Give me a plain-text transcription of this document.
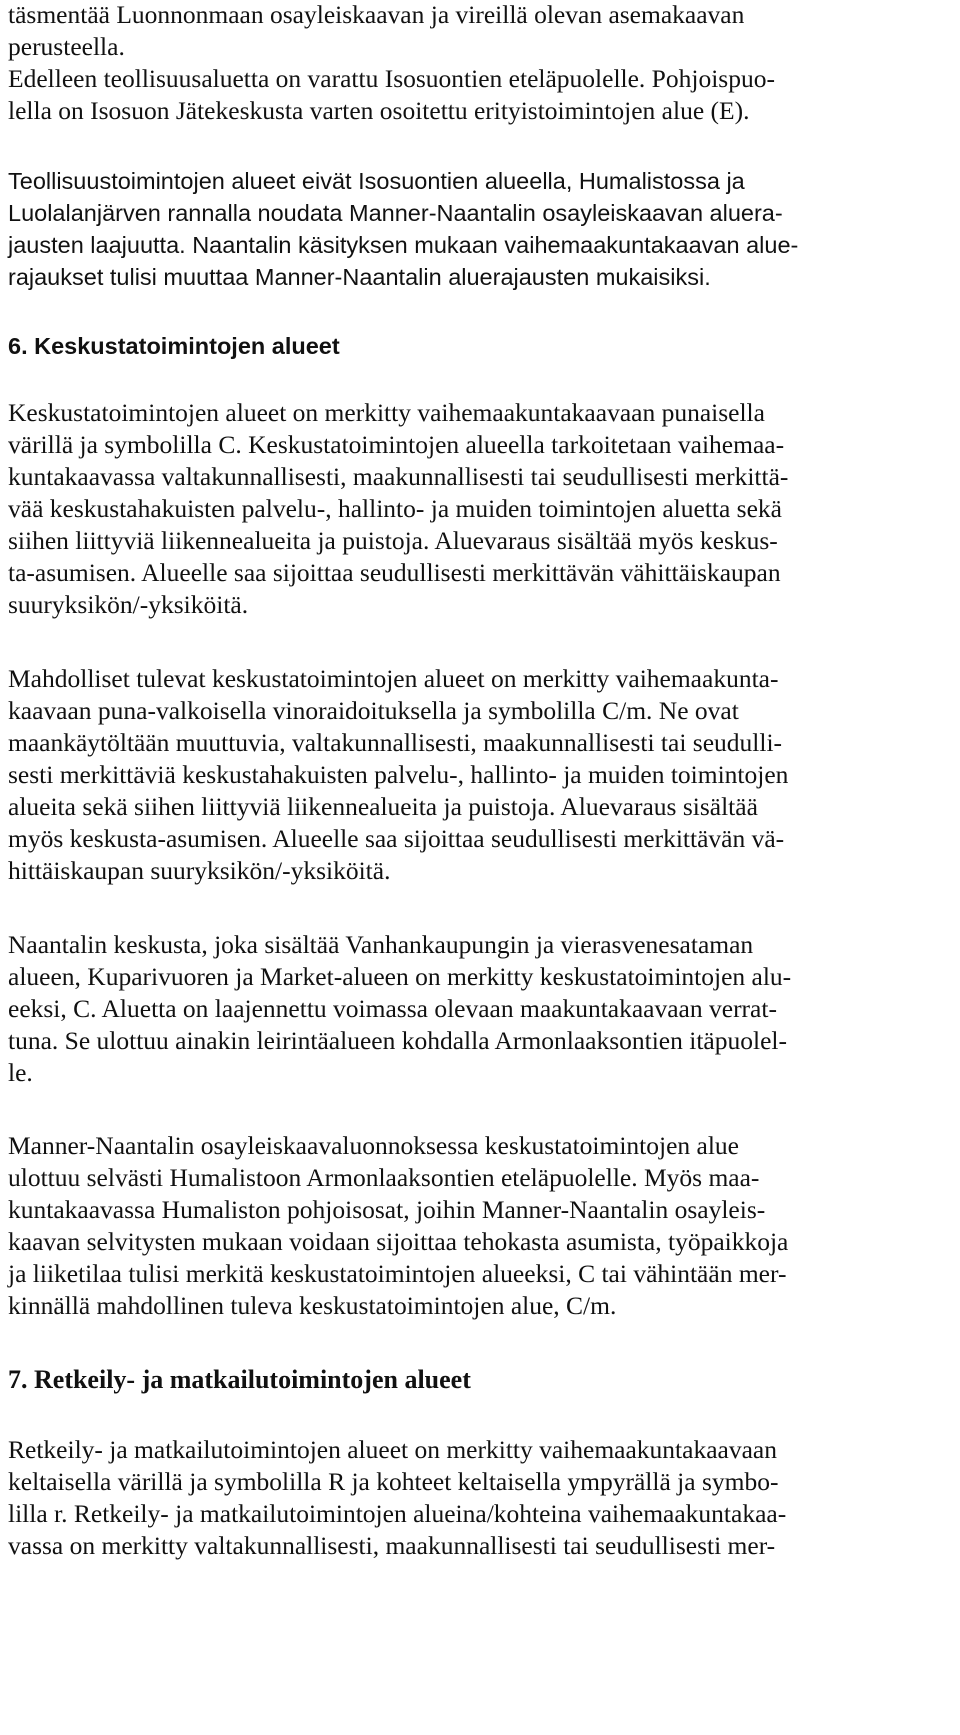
täsmentää Luonnonmaan osayleiskaavan ja vireillä olevan asemakaavan
perusteella.
Edelleen teollisuusaluetta on varattu Isosuontien eteläpuolelle. Pohjoispuo-
lella on Isosuon Jätekeskusta varten osoitettu erityistoimintojen alue (E).
Teollisuustoimintojen alueet eivät Isosuontien alueella, Humalistossa ja
Luolalanjärven rannalla noudata Manner-Naantalin osayleiskaavan aluera-
jausten laajuutta. Naantalin käsityksen mukaan vaihemaakuntakaavan alue-
rajaukset tulisi muuttaa Manner-Naantalin aluerajausten mukaisiksi.
6. Keskustatoimintojen alueet
Keskustatoimintojen alueet on merkitty vaihemaakuntakaavaan punaisella
värillä ja symbolilla C. Keskustatoimintojen alueella tarkoitetaan vaihemaa-
kuntakaavassa valtakunnallisesti, maakunnallisesti tai seudullisesti merkittä-
vää keskustahakuisten palvelu-, hallinto- ja muiden toimintojen aluetta sekä
siihen liittyviä liikennealueita ja puistoja. Aluevaraus sisältää myös keskus-
ta-asumisen. Alueelle saa sijoittaa seudullisesti merkittävän vähittäiskaupan
suuryksikön/-yksiköitä.
Mahdolliset tulevat keskustatoimintojen alueet on merkitty vaihemaakunta-
kaavaan puna-valkoisella vinoraidoituksella ja symbolilla C/m. Ne ovat
maankäytöltään muuttuvia, valtakunnallisesti, maakunnallisesti tai seudulli-
sesti merkittäviä keskustahakuisten palvelu-, hallinto- ja muiden toimintojen
alueita sekä siihen liittyviä liikennealueita ja puistoja. Aluevaraus sisältää
myös keskusta-asumisen. Alueelle saa sijoittaa seudullisesti merkittävän vä-
hittäiskaupan suuryksikön/-yksiköitä.
Naantalin keskusta, joka sisältää Vanhankaupungin ja vierasvenesataman
alueen, Kuparivuoren ja Market-alueen on merkitty keskustatoimintojen alu-
eeksi, C. Aluetta on laajennettu voimassa olevaan maakuntakaavaan verrat-
tuna. Se ulottuu ainakin leirintäalueen kohdalla Armonlaaksontien itäpuolel-
le.
Manner-Naantalin osayleiskaavaluonnoksessa keskustatoimintojen alue
ulottuu selvästi Humalistoon Armonlaaksontien eteläpuolelle. Myös maa-
kuntakaavassa Humaliston pohjoisosat, joihin Manner-Naantalin osayleis-
kaavan selvitysten mukaan voidaan sijoittaa tehokasta asumista, työpaikkoja
ja liiketilaa tulisi merkitä keskustatoimintojen alueeksi, C tai vähintään mer-
kinnällä mahdollinen tuleva keskustatoimintojen alue, C/m.
7. Retkeily- ja matkailutoimintojen alueet
Retkeily- ja matkailutoimintojen alueet on merkitty vaihemaakuntakaavaan
keltaisella värillä ja symbolilla R ja kohteet keltaisella ympyrällä ja symbo-
lilla r. Retkeily- ja matkailutoimintojen alueina/kohteina vaihemaakuntakaa-
vassa on merkitty valtakunnallisesti, maakunnallisesti tai seudullisesti mer-
